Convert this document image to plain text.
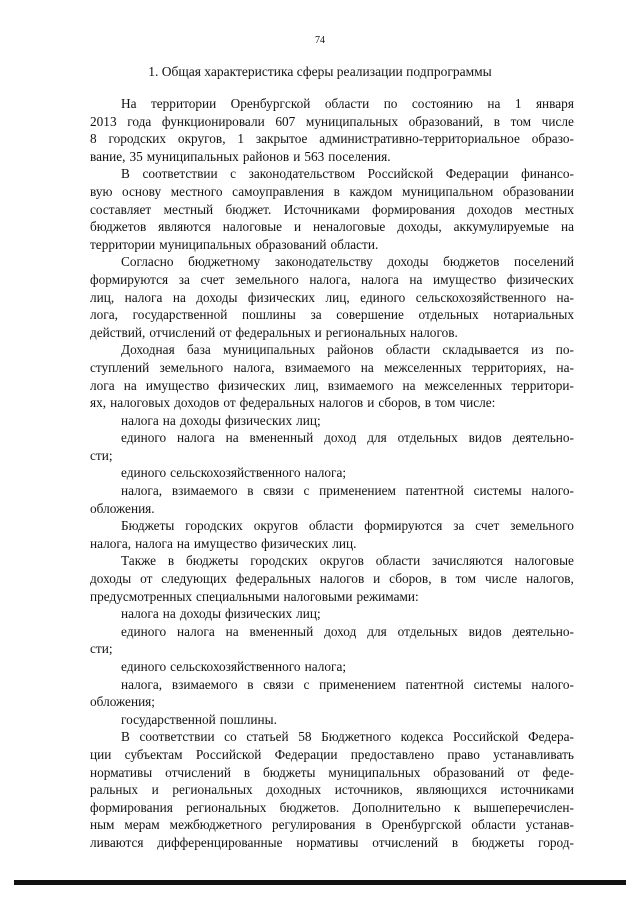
74
1. Общая характеристика сферы реализации подпрограммы
На территории Оренбургской области по состоянию на 1 января
2013 года функционировали 607 муниципальных образований, в том числе
8 городских округов, 1 закрытое административно-территориальное образо-
вание, 35 муниципальных районов и 563 поселения.
В соответствии с законодательством Российской Федерации финансо-
вую основу местного самоуправления в каждом муниципальном образовании
составляет местный бюджет. Источниками формирования доходов местных
бюджетов являются налоговые и неналоговые доходы, аккумулируемые на
территории муниципальных образований области.
Согласно бюджетному законодательству доходы бюджетов поселений
формируются за счет земельного налога, налога на имущество физических
лиц, налога на доходы физических лиц, единого сельскохозяйственного на-
лога, государственной пошлины за совершение отдельных нотариальных
действий, отчислений от федеральных и региональных налогов.
Доходная база муниципальных районов области складывается из по-
ступлений земельного налога, взимаемого на межселенных территориях, на-
лога на имущество физических лиц, взимаемого на межселенных территори-
ях, налоговых доходов от федеральных налогов и сборов, в том числе:
налога на доходы физических лиц;
единого налога на вмененный доход для отдельных видов деятельно-
сти;
единого сельскохозяйственного налога;
налога, взимаемого в связи с применением патентной системы налого-
обложения.
Бюджеты городских округов области формируются за счет земельного
налога, налога на имущество физических лиц.
Также в бюджеты городских округов области зачисляются налоговые
доходы от следующих федеральных налогов и сборов, в том числе налогов,
предусмотренных специальными налоговыми режимами:
налога на доходы физических лиц;
единого налога на вмененный доход для отдельных видов деятельно-
сти;
единого сельскохозяйственного налога;
налога, взимаемого в связи с применением патентной системы налого-
обложения;
государственной пошлины.
В соответствии со статьей 58 Бюджетного кодекса Российской Федера-
ции субъектам Российской Федерации предоставлено право устанавливать
нормативы отчислений в бюджеты муниципальных образований от феде-
ральных и региональных доходных источников, являющихся источниками
формирования региональных бюджетов. Дополнительно к вышеперечислен-
ным мерам межбюджетного регулирования в Оренбургской области устанав-
ливаются дифференцированные нормативы отчислений в бюджеты город-
